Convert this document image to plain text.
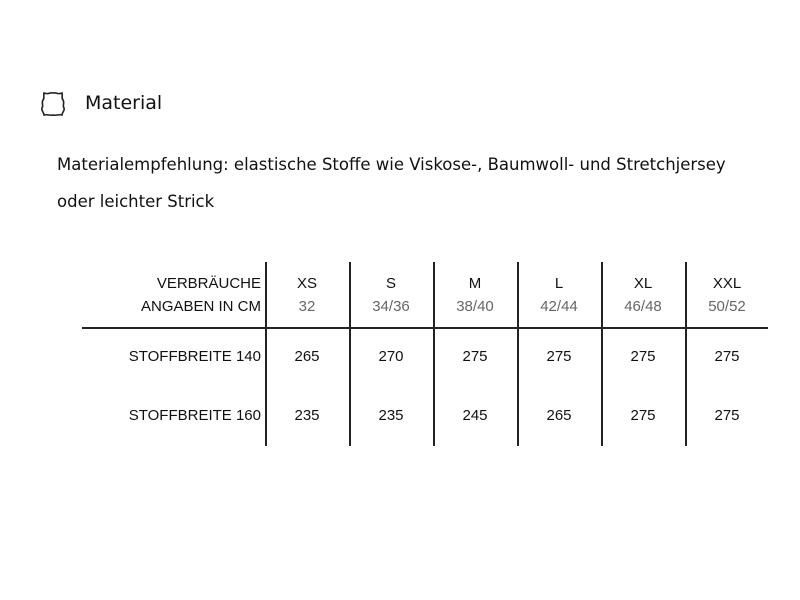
Material
Materialempfehlung: elastische Stoffe wie Viskose-, Baumwoll- und Stretchjersey oder leichter Strick
VERBRÄUCHE
ANGABEN IN CM
STOFFBREITE 140
STOFFBREITE 160
XS
32
265
235
S
34/36
270
235
M
38/40
275
245
L
42/44
275
265
XL
46/48
275
275
XXL
50/52
275
275
